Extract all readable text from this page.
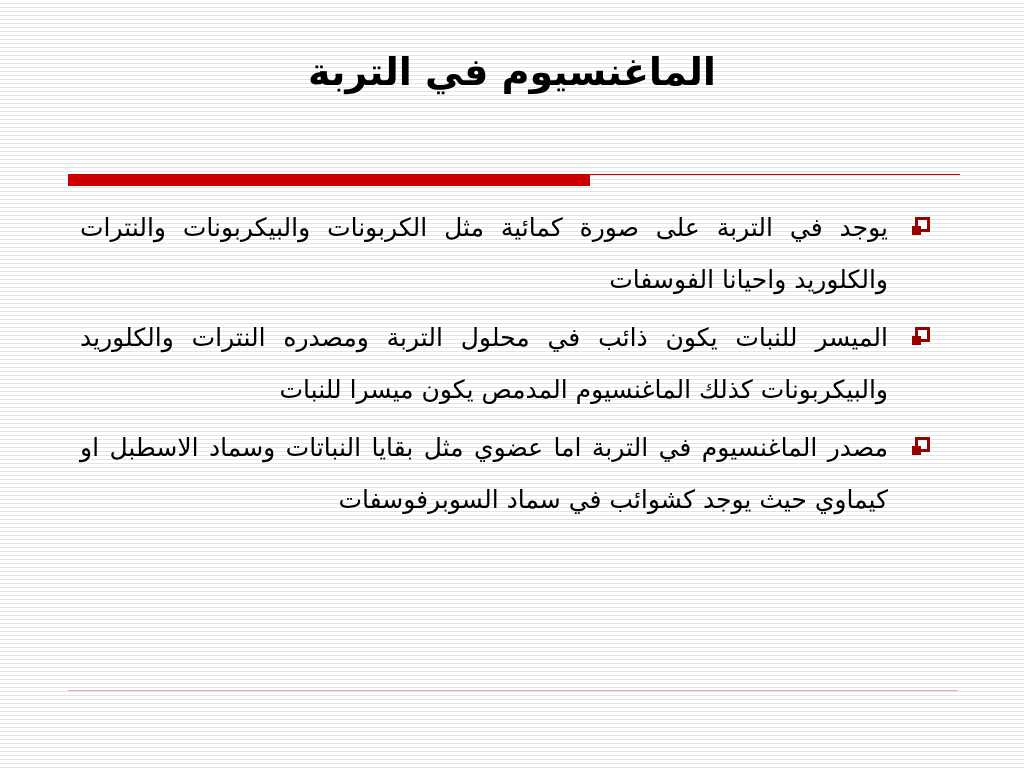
الماغنسيوم في التربة
يوجد في التربة على صورة كمائية مثل الكربونات والبيكربونات والنترات والكلوريد واحيانا الفوسفات
الميسر للنبات يكون ذائب في محلول التربة ومصدره النترات والكلوريد والبيكربونات كذلك الماغنسيوم المدمص يكون ميسرا للنبات
مصدر الماغنسيوم في التربة اما عضوي مثل بقايا النباتات وسماد الاسطبل او كيماوي حيث يوجد كشوائب في سماد السوبرفوسفات
